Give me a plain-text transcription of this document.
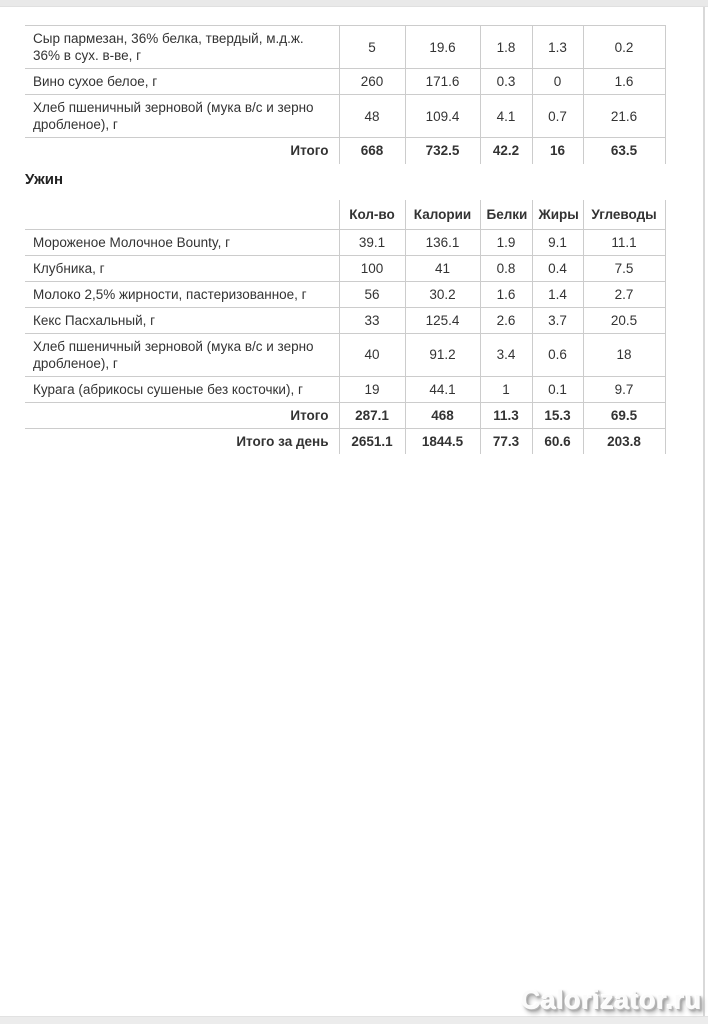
Сыр пармезан, 36% белка, твердый, м.д.ж. 36% в сух. в-ве, г	5	19.6	1.8	1.3	0.2
Вино сухое белое, г	260	171.6	0.3	0	1.6
Хлеб пшеничный зерновой (мука в/с и зерно дробленое), г	48	109.4	4.1	0.7	21.6
Итого	668	732.5	42.2	16	63.5
Ужин
	Кол-во	Калории	Белки	Жиры	Углеводы
Мороженое Молочное Bounty, г	39.1	136.1	1.9	9.1	11.1
Клубника, г	100	41	0.8	0.4	7.5
Молоко 2,5% жирности, пастеризованное, г	56	30.2	1.6	1.4	2.7
Кекс Пасхальный, г	33	125.4	2.6	3.7	20.5
Хлеб пшеничный зерновой (мука в/с и зерно дробленое), г	40	91.2	3.4	0.6	18
Курага (абрикосы сушеные без косточки), г	19	44.1	1	0.1	9.7
Итого	287.1	468	11.3	15.3	69.5
Итого за день	2651.1	1844.5	77.3	60.6	203.8
Calorizator.ru
